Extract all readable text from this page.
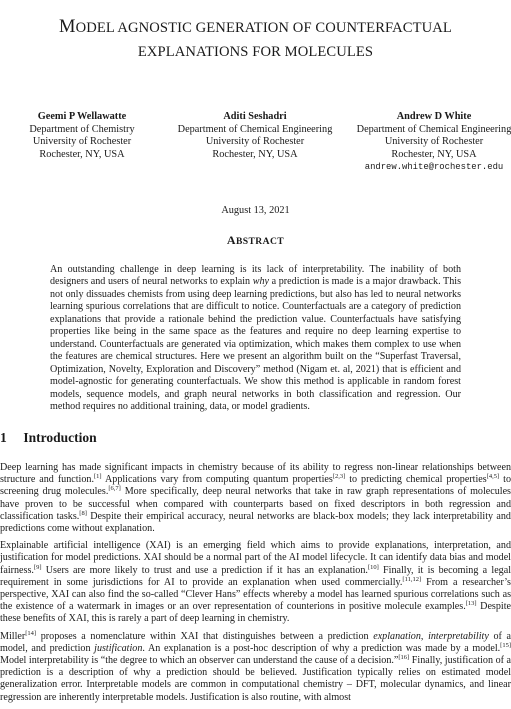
MODEL AGNOSTIC GENERATION OF COUNTERFACTUAL
EXPLANATIONS FOR MOLECULES
Geemi P Wellawatte
Department of Chemistry
University of Rochester
Rochester, NY, USA
Aditi Seshadri
Department of Chemical Engineering
University of Rochester
Rochester, NY, USA
Andrew D White
Department of Chemical Engineering
University of Rochester
Rochester, NY, USA
andrew.white@rochester.edu
August 13, 2021
ABSTRACT
An outstanding challenge in deep learning is its lack of interpretability. The inability of both designers and users of neural networks to explain why a prediction is made is a major drawback. This not only dissuades chemists from using deep learning predictions, but also has led to neural networks learning spurious correlations that are difficult to notice. Counterfactuals are a category of prediction explanations that provide a rationale behind the prediction value. Counterfactuals have satisfying properties like being in the same space as the features and require no deep learning expertise to understand. Counterfactuals are generated via optimization, which makes them complex to use when the features are chemical structures. Here we present an algorithm built on the “Superfast Traversal, Optimization, Novelty, Exploration and Discovery” method (Nigam et. al, 2021) that is efficient and model-agnostic for generating counterfactuals. We show this method is applicable in random forest models, sequence models, and graph neural networks in both classification and regression. Our method requires no additional training, data, or model gradients.
1 Introduction

Deep learning has made significant impacts in chemistry because of its ability to regress non-linear relationships between structure and function.[1] Applications vary from computing quantum properties[2,3] to predicting chemical properties[4,5] to screening drug molecules.[6,7] More specifically, deep neural networks that take in raw graph representations of molecules have proven to be successful when compared with counterparts based on fixed descriptors in both regression and classification tasks.[8] Despite their empirical accuracy, neural networks are black-box models; they lack interpretability and predictions come without explanation.

Explainable artificial intelligence (XAI) is an emerging field which aims to provide explanations, interpretation, and justification for model predictions. XAI should be a normal part of the AI model lifecycle. It can identify data bias and model fairness.[9] Users are more likely to trust and use a prediction if it has an explanation.[10] Finally, it is becoming a legal requirement in some jurisdictions for AI to provide an explanation when used commercially.[11,12] From a researcher’s perspective, XAI can also find the so-called “Clever Hans” effects whereby a model has learned spurious correlations such as the existence of a watermark in images or an over representation of counterions in positive molecule examples.[13] Despite these benefits of XAI, this is rarely a part of deep learning in chemistry.

Miller[14] proposes a nomenclature within XAI that distinguishes between a prediction explanation, interpretability of a model, and prediction justification. An explanation is a post-hoc description of why a prediction was made by a model.[15] Model interpretability is “the degree to which an observer can understand the cause of a decision.”[16] Finally, justification of a prediction is a description of why a prediction should be believed. Justification typically relies on estimated model generalization error. Interpretable models are common in computational chemistry – DFT, molecular dynamics, and linear regression are inherently interpretable models. Justification is also routine, with almost
